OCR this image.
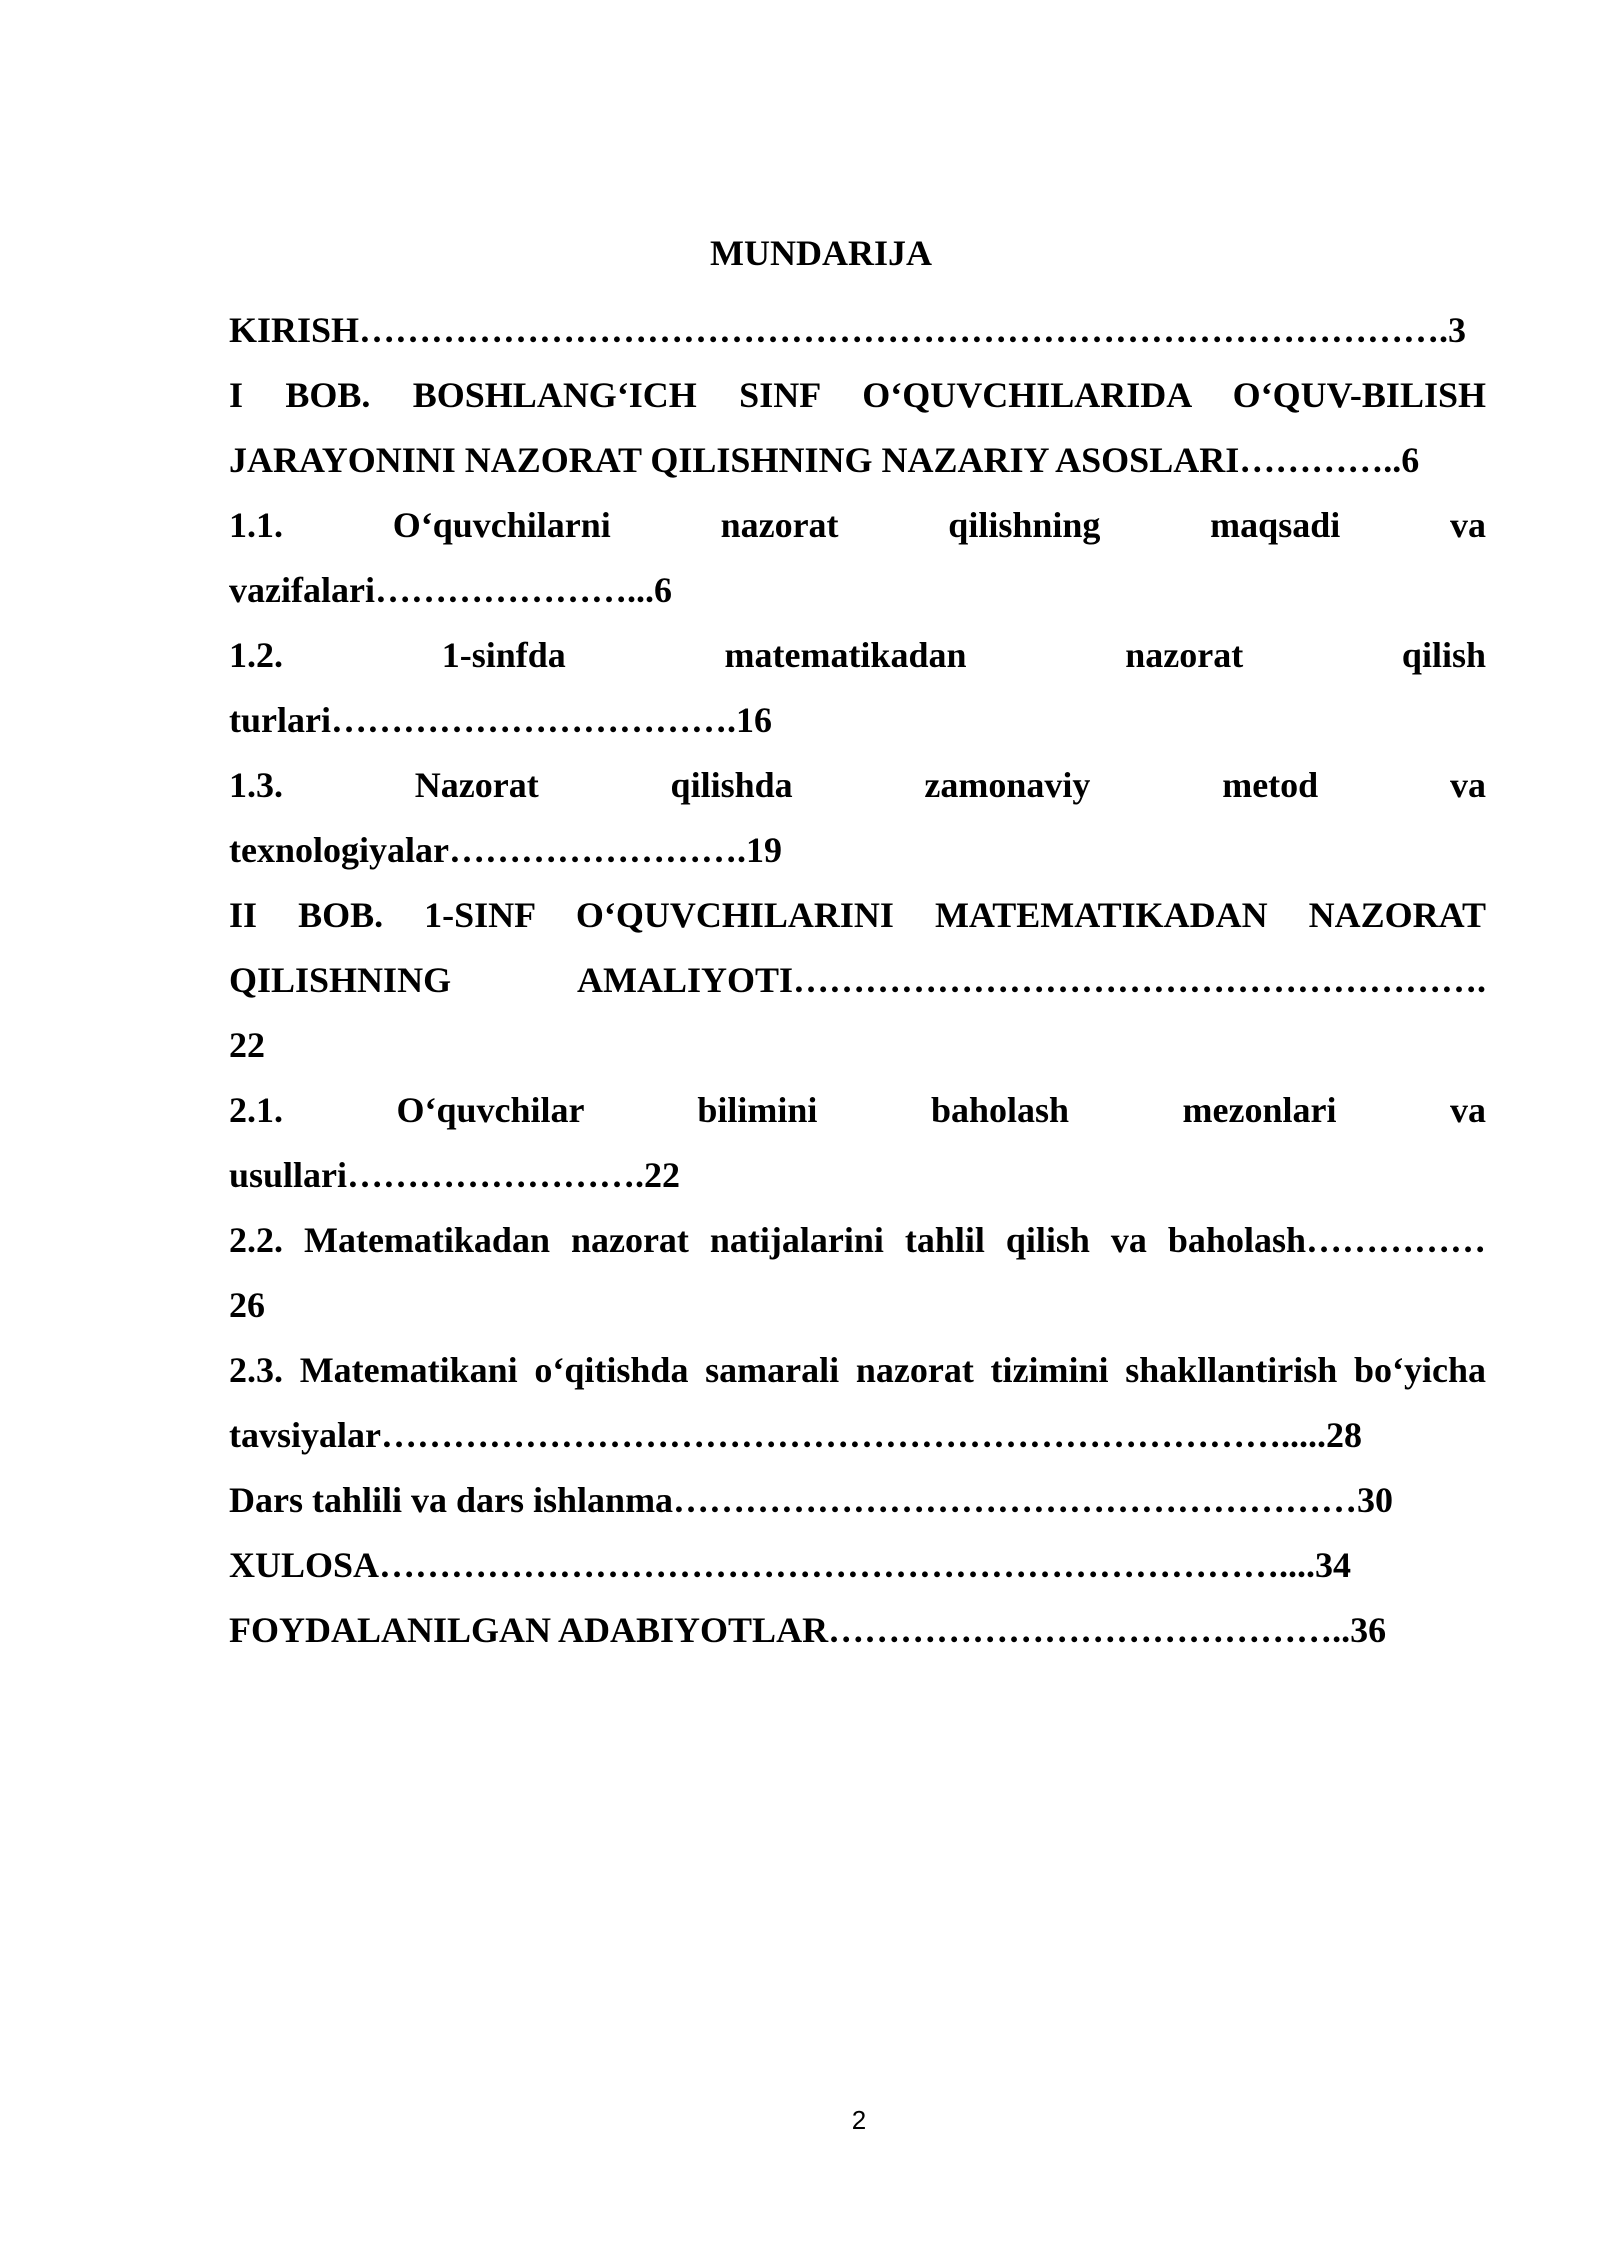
MUNDARIJA
KIRISH……………………………………………………………………………….3
I BOB. BOSHLANG‘ICH SINF O‘QUVCHILARIDA O‘QUV-BILISH
JARAYONINI NAZORAT QILISHNING NAZARIY ASOSLARI…………..6
1.1. O‘quvchilarni nazorat qilishning maqsadi va
vazifalari…………………...6
1.2. 1-sinfda matematikadan nazorat qilish
turlari…………………………….16
1.3. Nazorat qilishda zamonaviy metod va
texnologiyalar…………………….19
II BOB. 1-SINF O‘QUVCHILARINI MATEMATIKADAN NAZORAT
QILISHNING AMALIYOTI………………………………………………….
22
2.1. O‘quvchilar bilimini baholash mezonlari va
usullari…………………….22
2.2. Matematikadan nazorat natijalarini tahlil qilish va baholash……………
26
2.3. Matematikani o‘qitishda samarali nazorat tizimini shakllantirish bo‘yicha
tavsiyalar………………………………………………………………….....28
Dars tahlili va dars ishlanma…………………………………………………30
XULOSA…………………………………………………………………....34
FOYDALANILGAN ADABIYOTLAR……………………………………..36
2
